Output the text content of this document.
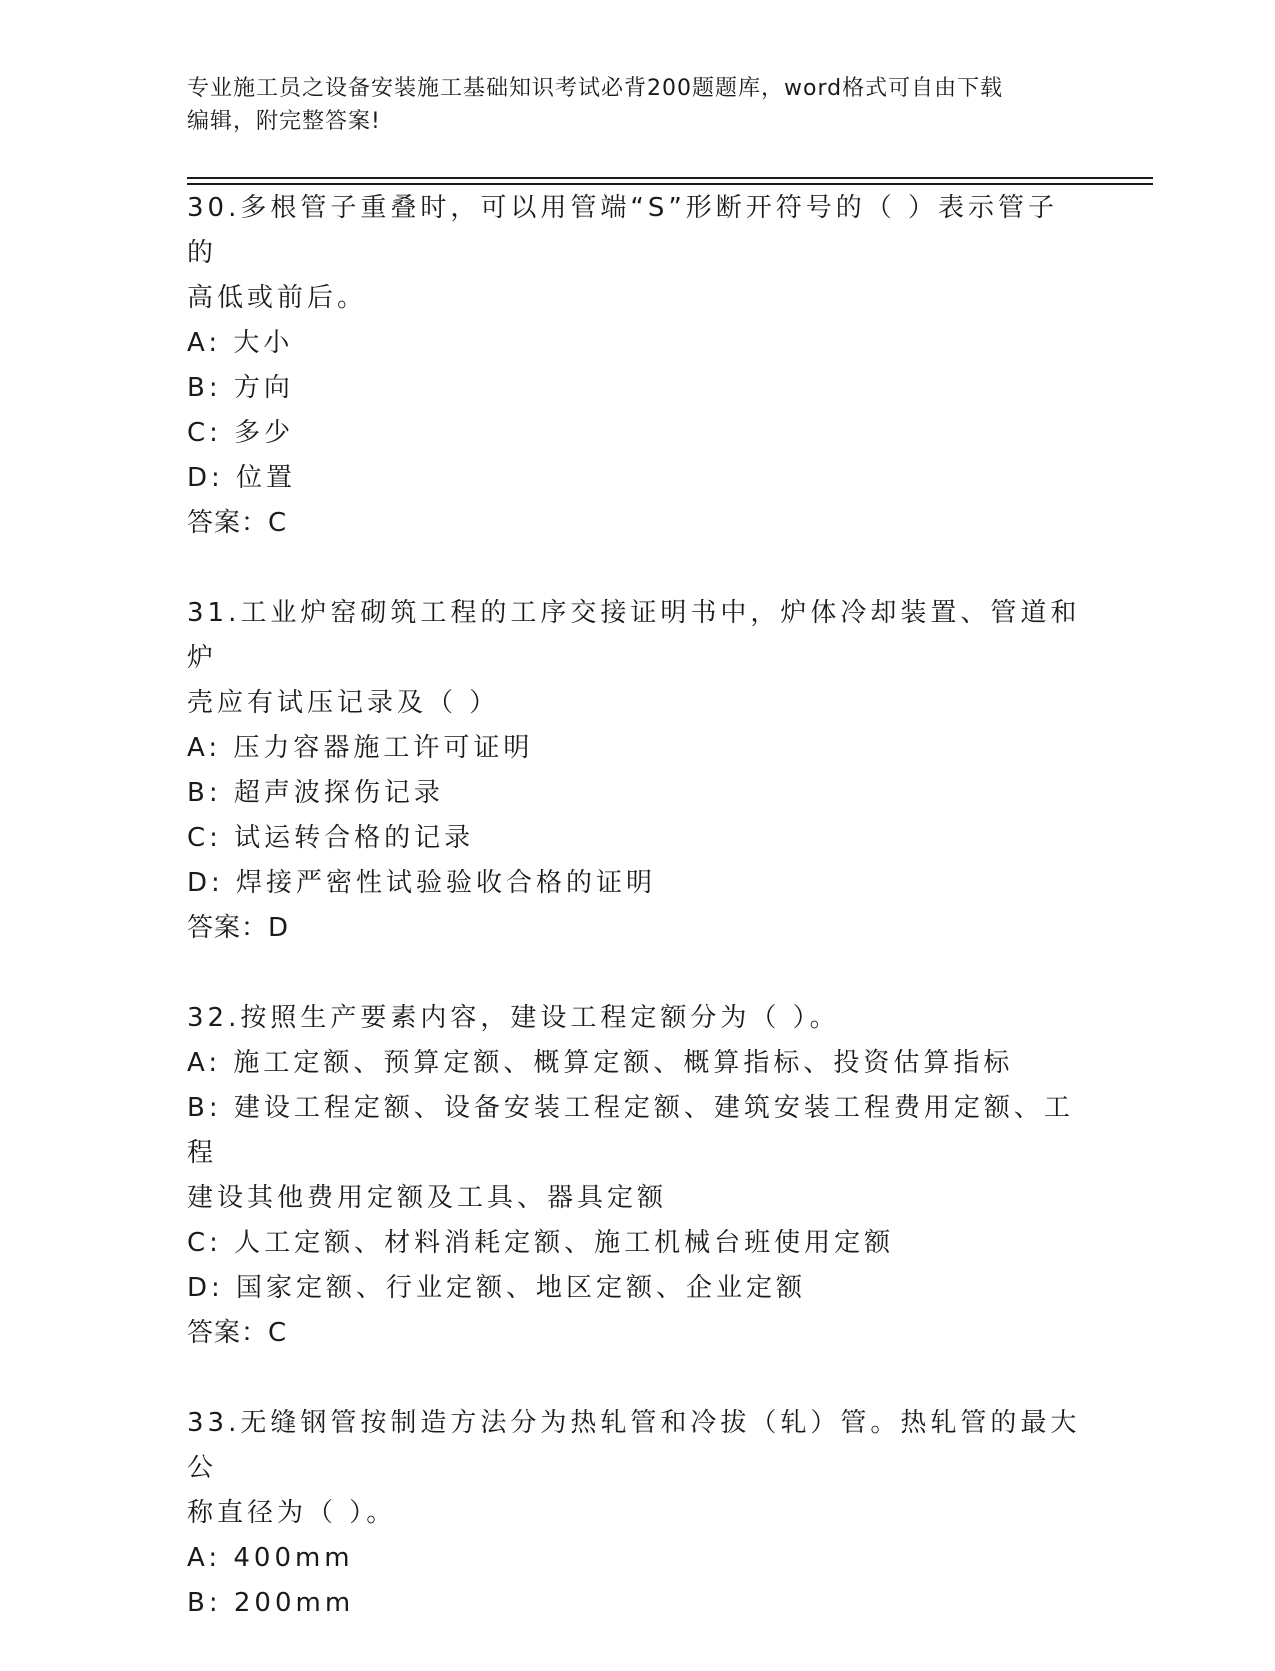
专业施工员之设备安装施工基础知识考试必背200题题库，word格式可自由下载
编辑，附完整答案!
30.多根管子重叠时，可以用管端“S”形断开符号的（ ）表示管子的
高低或前后。
A: 大小
B: 方向
C: 多少
D: 位置
答案：C
31.工业炉窑砌筑工程的工序交接证明书中，炉体冷却装置、管道和炉
壳应有试压记录及（ ）
A: 压力容器施工许可证明
B: 超声波探伤记录
C: 试运转合格的记录
D: 焊接严密性试验验收合格的证明
答案：D
32.按照生产要素内容，建设工程定额分为（ ）。
A: 施工定额、预算定额、概算定额、概算指标、投资估算指标
B: 建设工程定额、设备安装工程定额、建筑安装工程费用定额、工程
建设其他费用定额及工具、器具定额
C: 人工定额、材料消耗定额、施工机械台班使用定额
D: 国家定额、行业定额、地区定额、企业定额
答案：C
33.无缝钢管按制造方法分为热轧管和冷拔（轧）管。热轧管的最大公
称直径为（ ）。
A: 400mm
B: 200mm
